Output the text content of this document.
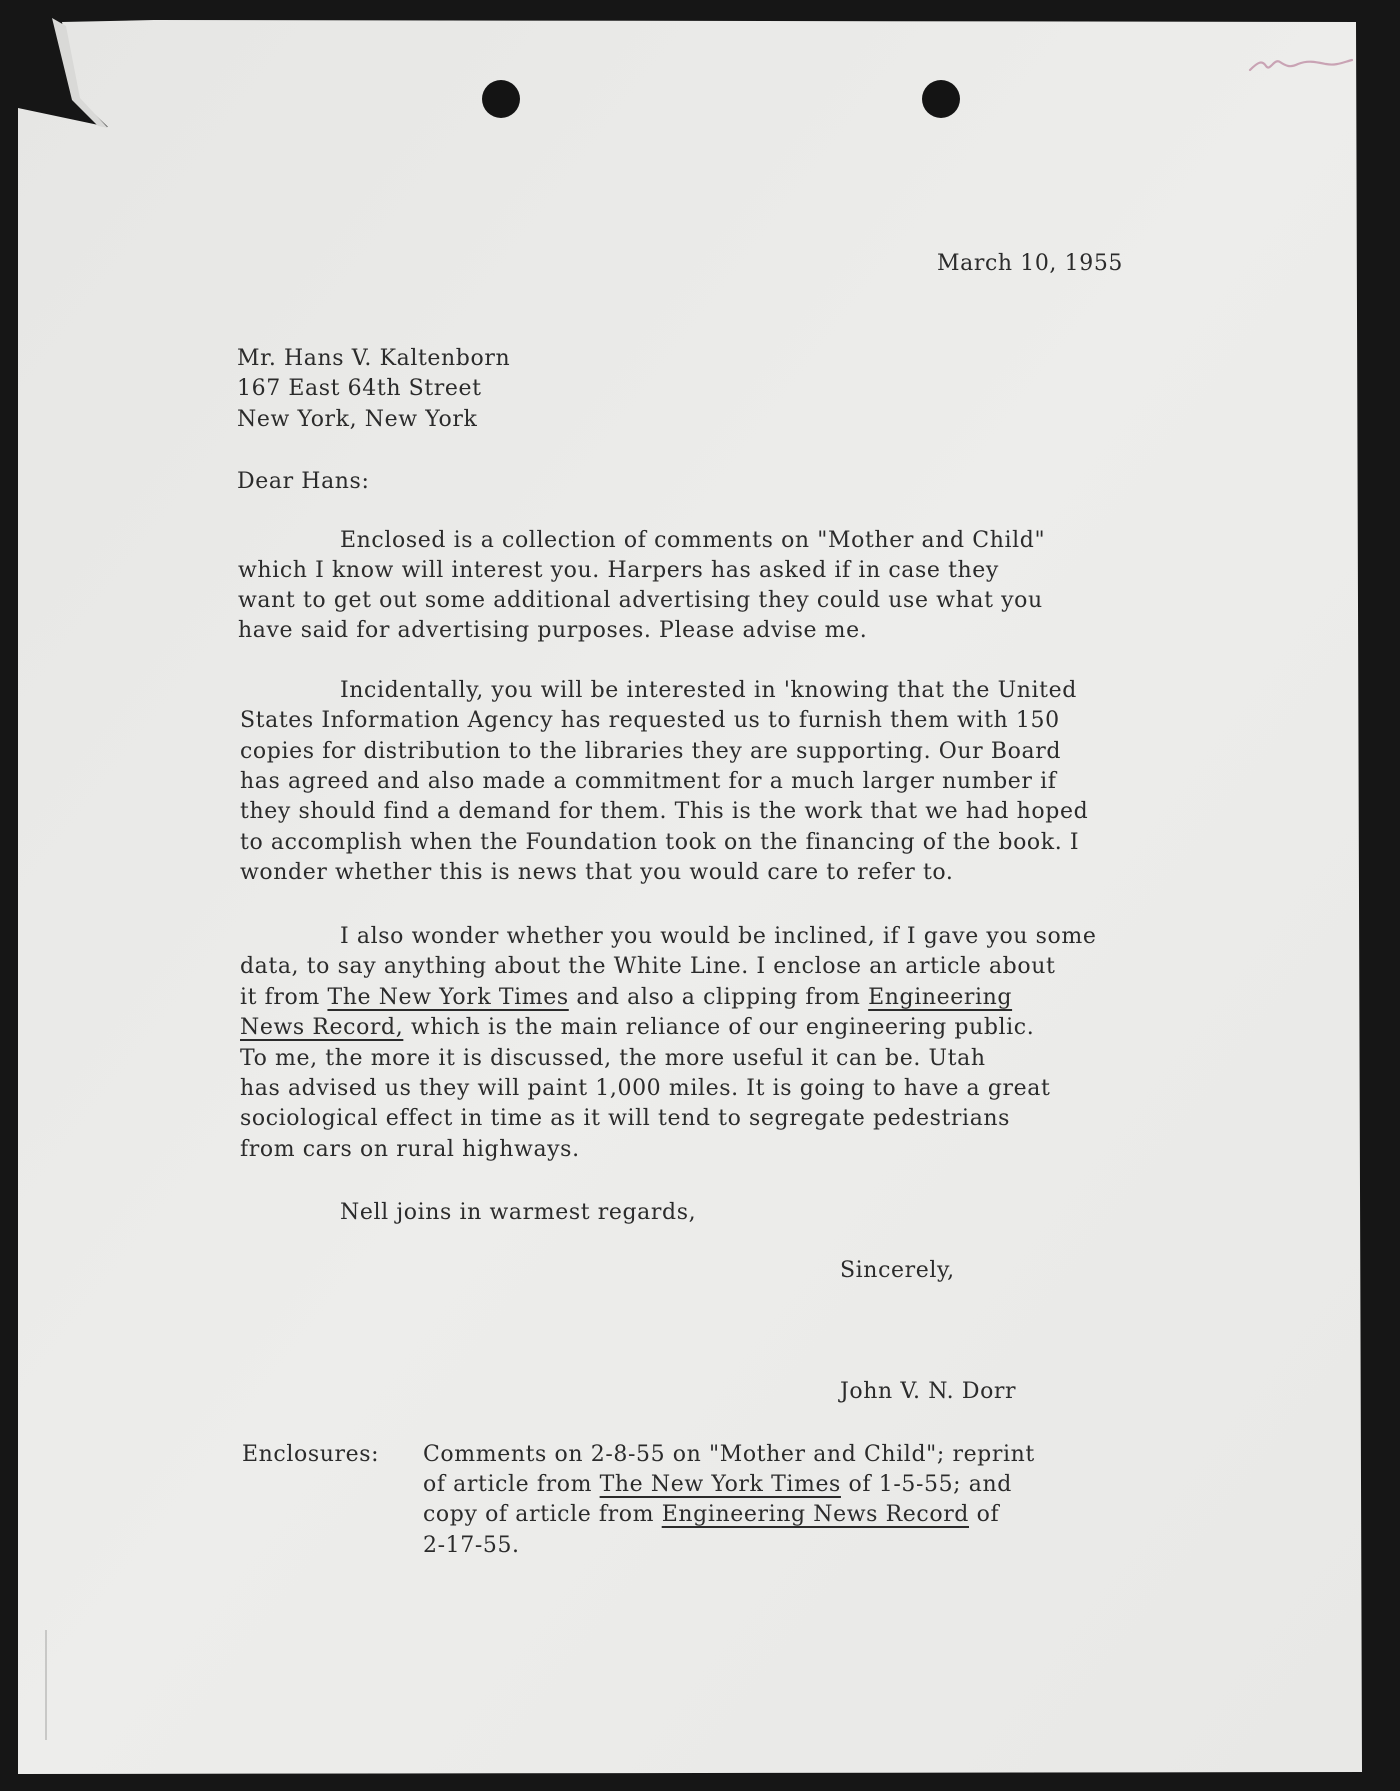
March 10, 1955
Mr. Hans V. Kaltenborn
167 East 64th Street
New York, New York
Dear Hans:
Enclosed is a collection of comments on "Mother and Child"
which I know will interest you. Harpers has asked if in case they
want to get out some additional advertising they could use what you
have said for advertising purposes. Please advise me.
Incidentally, you will be interested in 'knowing that the United
States Information Agency has requested us to furnish them with 150
copies for distribution to the libraries they are supporting. Our Board
has agreed and also made a commitment for a much larger number if
they should find a demand for them. This is the work that we had hoped
to accomplish when the Foundation took on the financing of the book. I
wonder whether this is news that you would care to refer to.
I also wonder whether you would be inclined, if I gave you some
data, to say anything about the White Line. I enclose an article about
it from The New York Times and also a clipping from Engineering
News Record, which is the main reliance of our engineering public.
To me, the more it is discussed, the more useful it can be. Utah
has advised us they will paint 1,000 miles. It is going to have a great
sociological effect in time as it will tend to segregate pedestrians
from cars on rural highways.
Nell joins in warmest regards,
Sincerely,
John V. N. Dorr
Enclosures: Comments on 2-8-55 on "Mother and Child"; reprint
of article from The New York Times of 1-5-55; and
copy of article from Engineering News Record of
2-17-55.
